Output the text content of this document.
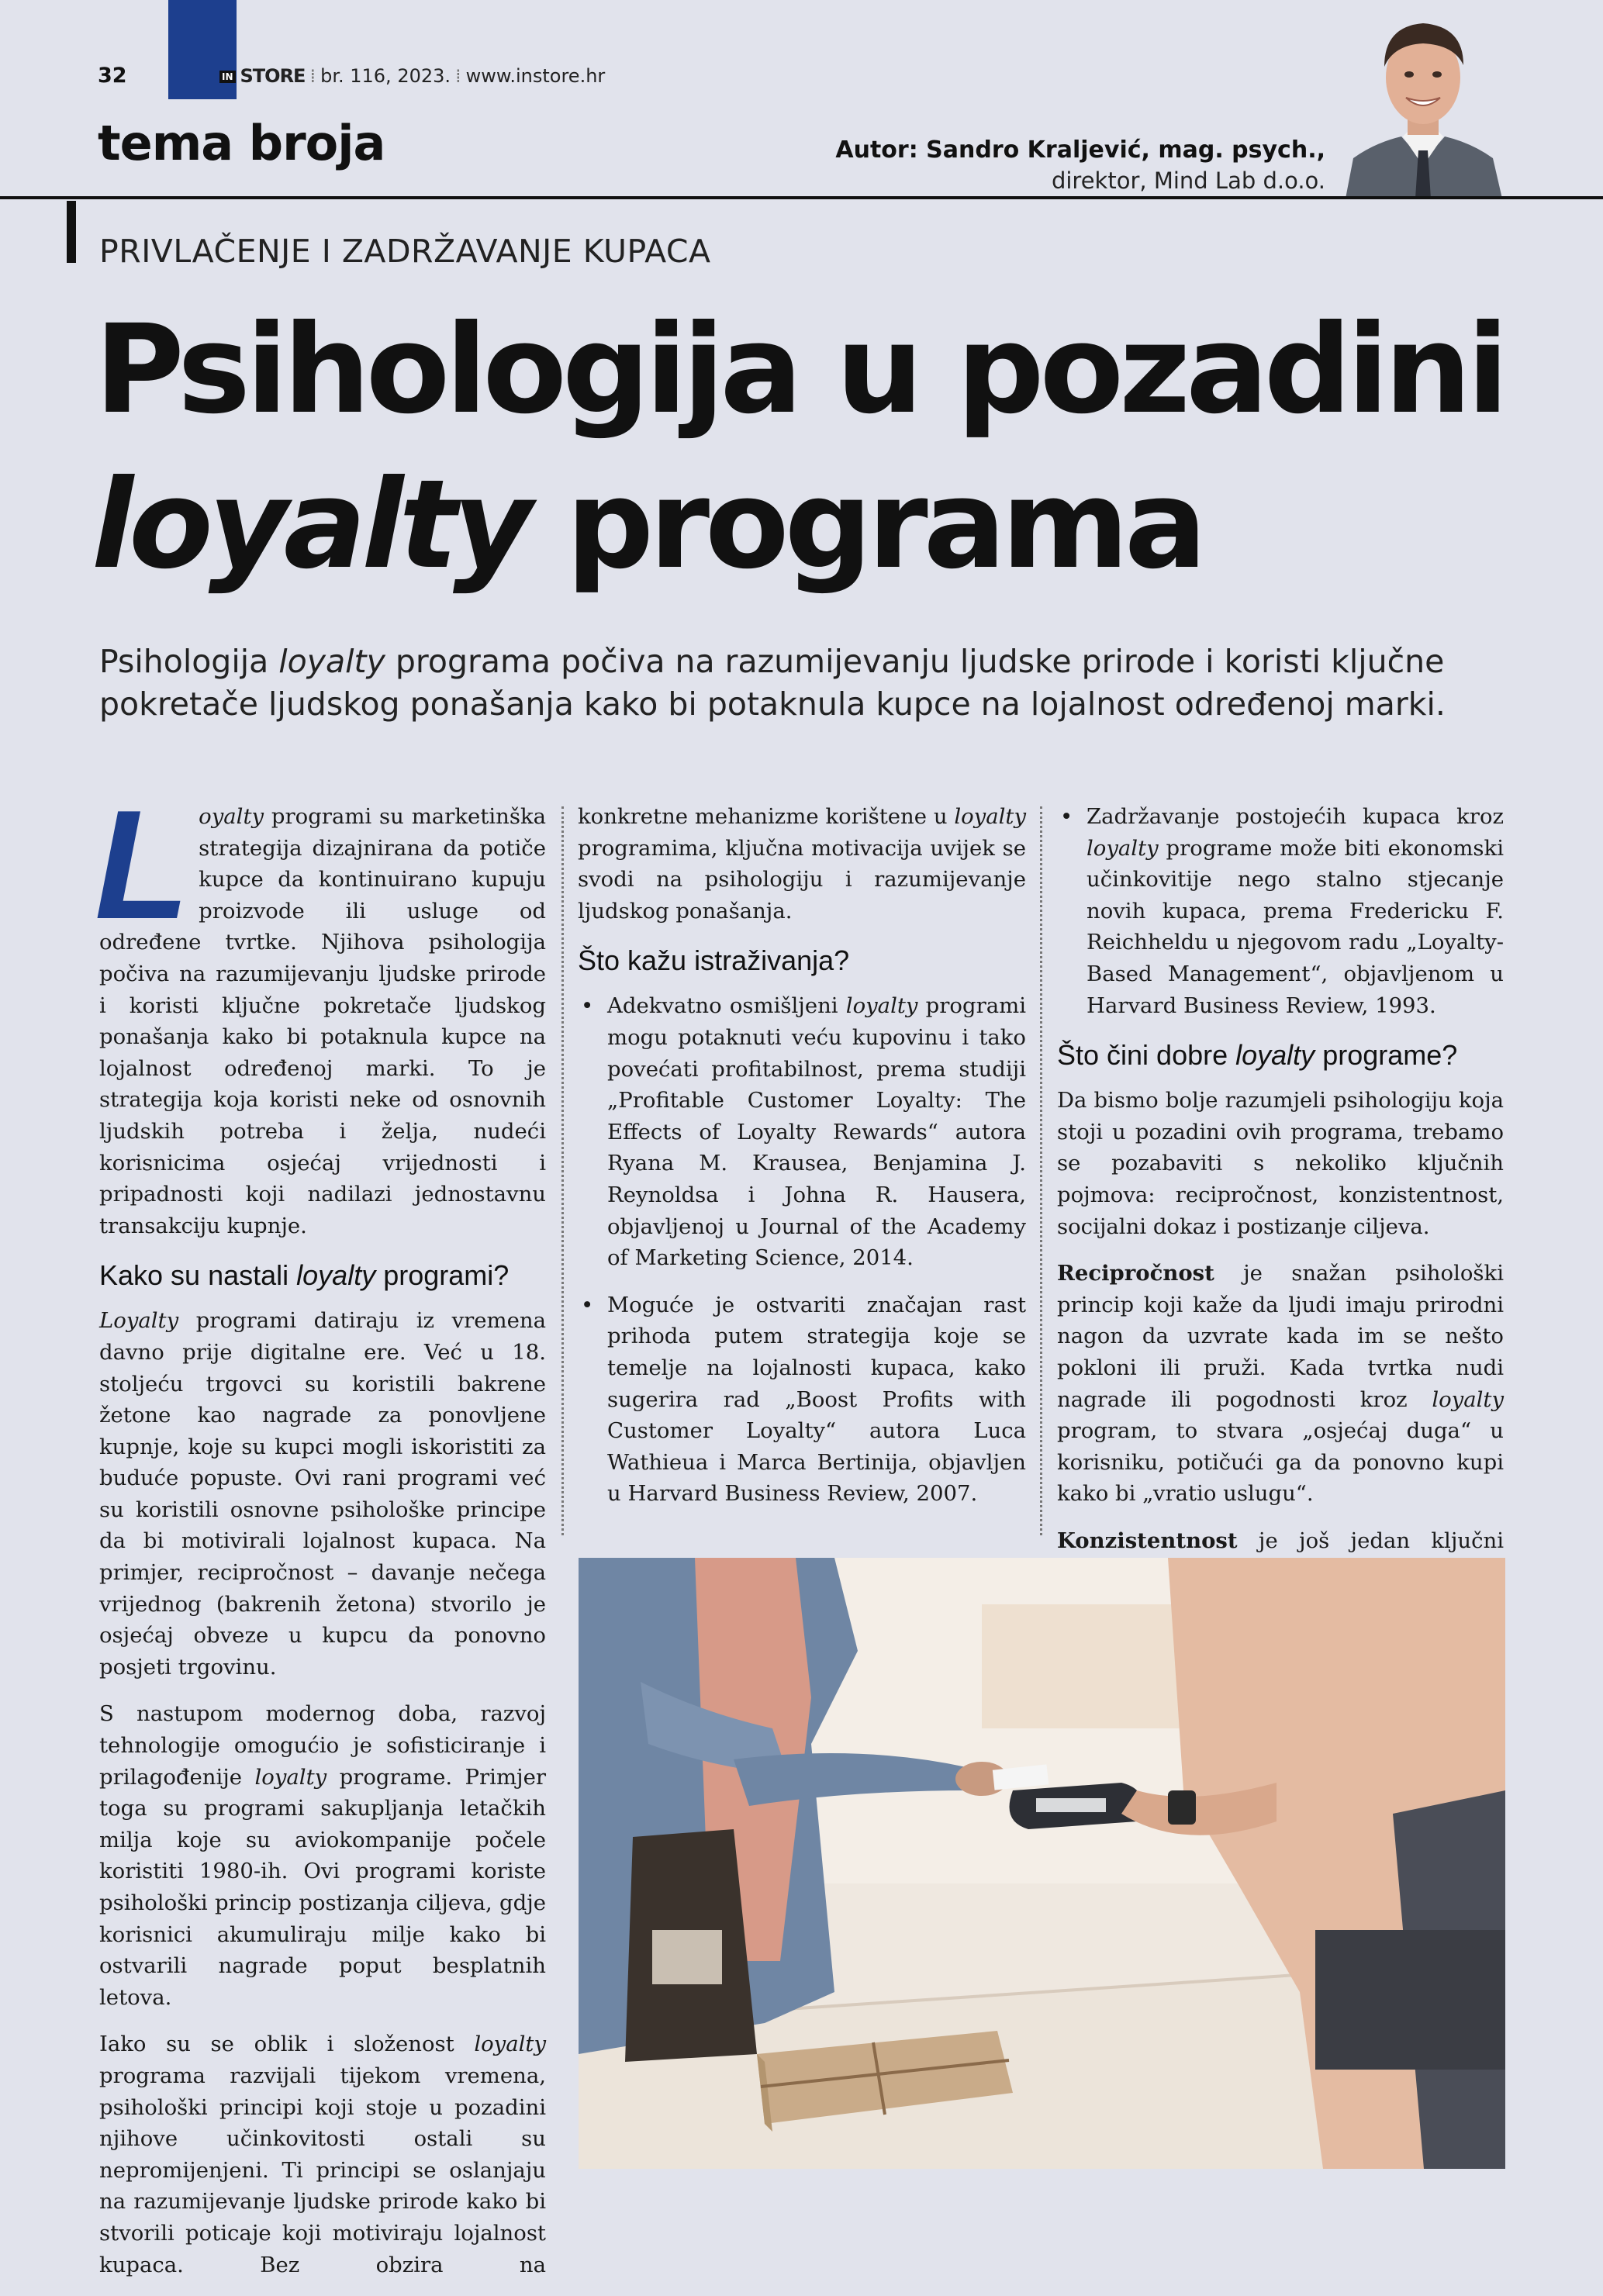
32	IN STORE ⁞ br. 116, 2023. ⁞ www.instore.hr
tema broja	Autor: Sandro Kraljević, mag. psych.,
direktor, Mind Lab d.o.o.
PRIVLAČENJE I ZADRŽAVANJE KUPACA
Psihologija u pozadini
loyalty programa
Psihologija loyalty programa počiva na razumijevanju ljudske prirode i koristi ključne pokretače ljudskog ponašanja kako bi potaknula kupce na lojalnost određenoj marki.

Loyalty programi su marketinška strategija dizajnirana da potiče kupce da kontinuirano kupuju proizvode ili usluge od određene tvrtke. Njihova psihologija počiva na razumijevanju ljudske prirode i koristi ključne pokretače ljudskog ponašanja kako bi potaknula kupce na lojalnost određenoj marki. To je strategija koja koristi neke od osnovnih ljudskih potreba i želja, nudeći korisnicima osjećaj vrijednosti i pripadnosti koji nadilazi jednostavnu transakciju kupnje.

Kako su nastali loyalty programi?

Loyalty programi datiraju iz vremena davno prije digitalne ere. Već u 18. stoljeću trgovci su koristili bakrene žetone kao nagrade za ponovljene kupnje, koje su kupci mogli iskoristiti za buduće popuste. Ovi rani programi već su koristili osnovne psihološke principe da bi motivirali lojalnost kupaca. Na primjer, recipročnost – davanje nečega vrijednog (bakrenih žetona) stvorilo je osjećaj obveze u kupcu da ponovno posjeti trgovinu.

S nastupom modernog doba, razvoj tehnologije omogućio je sofisticiranje i prilagođenije loyalty programe. Primjer toga su programi sakupljanja letačkih milja koje su aviokompanije počele koristiti 1980-ih. Ovi programi koriste psihološki princip postizanja ciljeva, gdje korisnici akumuliraju milje kako bi ostvarili nagrade poput besplatnih letova.

Iako su se oblik i složenost loyalty programa razvijali tijekom vremena, psihološki principi koji stoje u pozadini njihove učinkovitosti ostali su nepromijenjeni. Ti principi se oslanjaju na razumijevanje ljudske prirode kako bi stvorili poticaje koji motiviraju lojalnost kupaca. Bez obzira na

konkretne mehanizme korištene u loyalty programima, ključna motivacija uvijek se svodi na psihologiju i razumijevanje ljudskog ponašanja.

Što kažu istraživanja?
• Adekvatno osmišljeni loyalty programi mogu potaknuti veću kupovinu i tako povećati profitabilnost, prema studiji „Profitable Customer Loyalty: The Effects of Loyalty Rewards“ autora Ryana M. Krausea, Benjamina J. Reynoldsa i Johna R. Hausera, objavljenoj u Journal of the Academy of Marketing Science, 2014.
• Moguće je ostvariti značajan rast prihoda putem strategija koje se temelje na lojalnosti kupaca, kako sugerira rad „Boost Profits with Customer Loyalty“ autora Luca Wathieua i Marca Bertinija, objavljen u Harvard Business Review, 2007.
• Zadržavanje postojećih kupaca kroz loyalty programe može biti ekonomski učinkovitije nego stalno stjecanje novih kupaca, prema Fredericku F. Reichheldu u njegovom radu „Loyalty-Based Management“, objavljenom u Harvard Business Review, 1993.
Što čini dobre loyalty programe?

Da bismo bolje razumjeli psihologiju koja stoji u pozadini ovih programa, trebamo se pozabaviti s nekoliko ključnih pojmova: recipročnost, konzistentnost, socijalni dokaz i postizanje ciljeva.

Recipročnost je snažan psihološki princip koji kaže da ljudi imaju prirodni nagon da uzvrate kada im se nešto pokloni ili pruži. Kada tvrtka nudi nagrade ili pogodnosti kroz loyalty program, to stvara „osjećaj duga“ u korisniku, potičući ga da ponovno kupi kako bi „vratio uslugu“.

Konzistentnost je još jedan ključni
